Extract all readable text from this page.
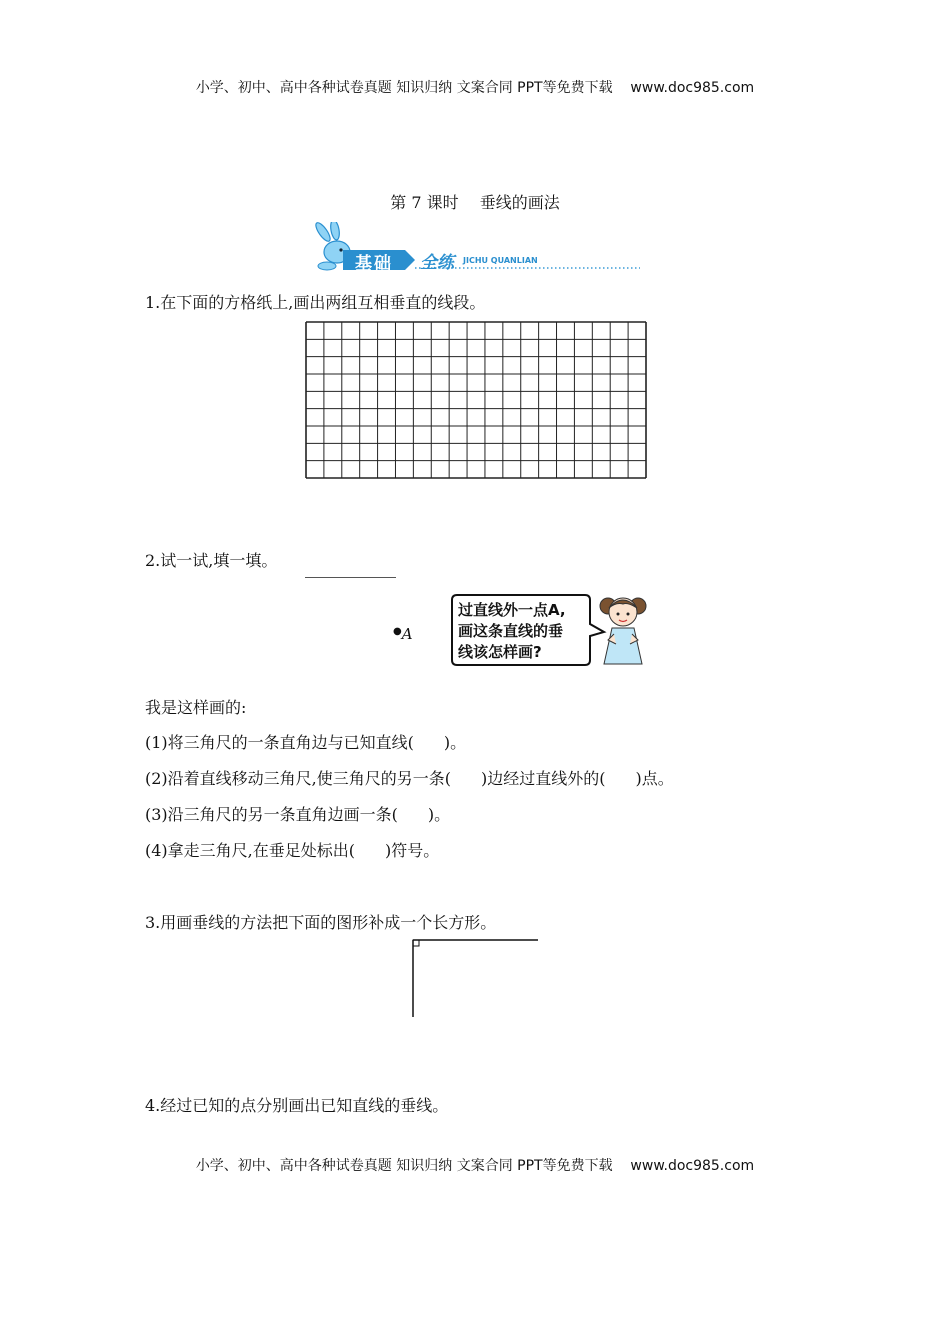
小学、初中、高中各种试卷真题 知识归纳 文案合同 PPT等免费下载 www.doc985.com
第 7 课时　 垂线的画法
基础 全练 JICHU QUANLIAN
1.在下面的方格纸上,画出两组互相垂直的线段。
2.试一试,填一填。
●A
过直线外一点A,
画这条直线的垂
线该怎样画?
我是这样画的:
(1)将三角尺的一条直角边与已知直线( )。
(2)沿着直线移动三角尺,使三角尺的另一条( )边经过直线外的( )点。
(3)沿三角尺的另一条直角边画一条( )。
(4)拿走三角尺,在垂足处标出( )符号。
3.用画垂线的方法把下面的图形补成一个长方形。
4.经过已知的点分别画出已知直线的垂线。
小学、初中、高中各种试卷真题 知识归纳 文案合同 PPT等免费下载 www.doc985.com
